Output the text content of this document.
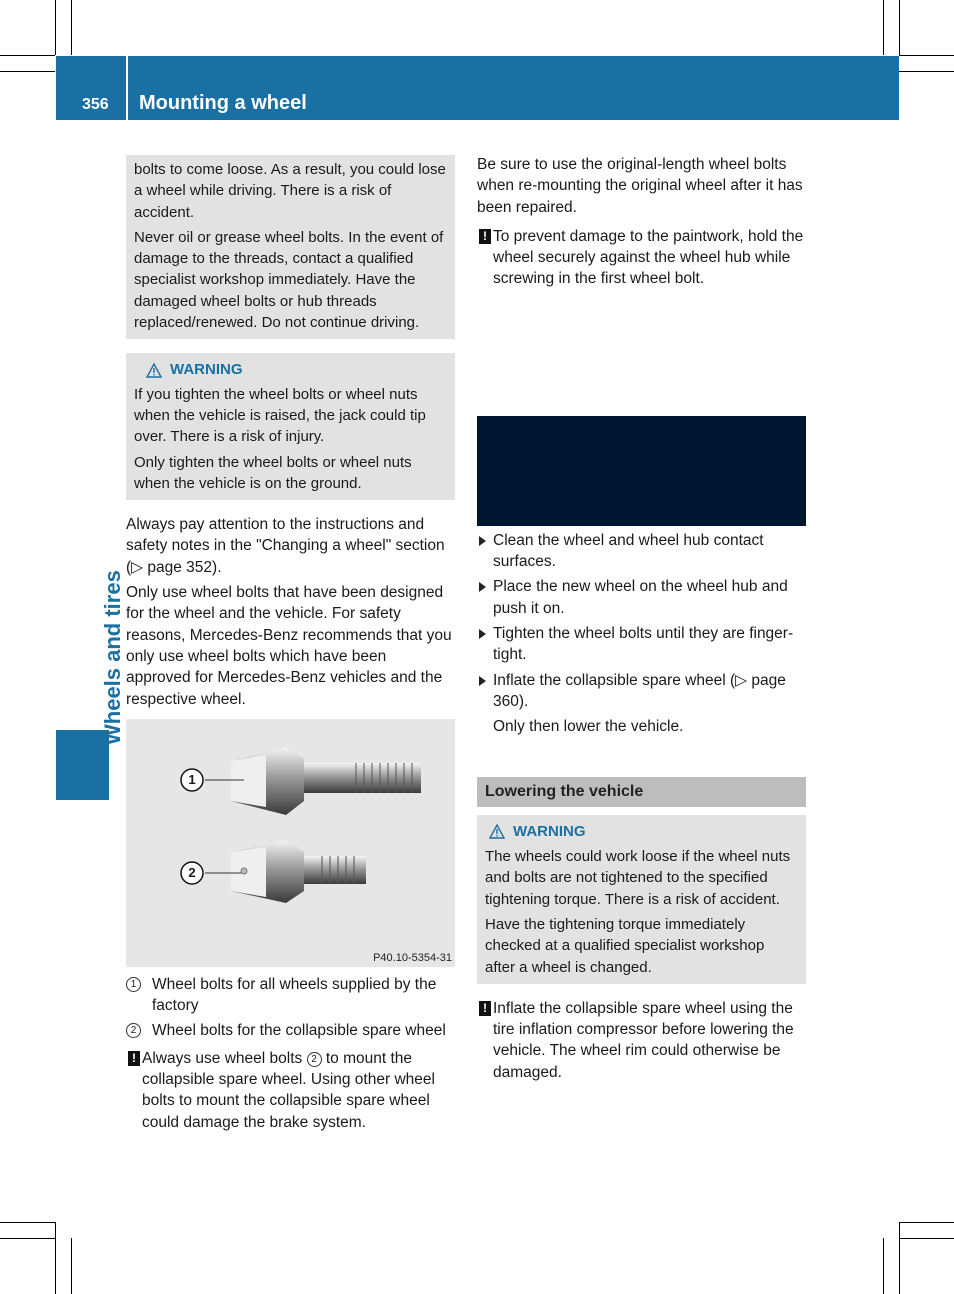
356 Mounting a wheel
Wheels and tires

bolts to come loose. As a result, you could lose a wheel while driving. There is a risk of accident.

Never oil or grease wheel bolts. In the event of damage to the threads, contact a qualified specialist workshop immediately. Have the damaged wheel bolts or hub threads replaced/renewed. Do not continue driving.

WARNING

If you tighten the wheel bolts or wheel nuts when the vehicle is raised, the jack could tip over. There is a risk of injury.

Only tighten the wheel bolts or wheel nuts when the vehicle is on the ground.

Always pay attention to the instructions and safety notes in the "Changing a wheel" section (▷ page 352).

Only use wheel bolts that have been designed for the wheel and the vehicle. For safety reasons, Mercedes-Benz recommends that you only use wheel bolts which have been approved for Mercedes-Benz vehicles and the respective wheel.

1
2
P40.10-5354-31
1	Wheel bolts for all wheels supplied by the factory
2	Wheel bolts for the collapsible spare wheel
! Always use wheel bolts 2 to mount the collapsible spare wheel. Using other wheel bolts to mount the collapsible spare wheel could damage the brake system.

Be sure to use the original-length wheel bolts when re-mounting the original wheel after it has been repaired.

! To prevent damage to the paintwork, hold the wheel securely against the wheel hub while screwing in the first wheel bolt.
Clean the wheel and wheel hub contact surfaces.
Place the new wheel on the wheel hub and push it on.
Tighten the wheel bolts until they are finger-tight.
Inflate the collapsible spare wheel (▷ page 360).

Only then lower the vehicle.

Lowering the vehicle
WARNING

The wheels could work loose if the wheel nuts and bolts are not tightened to the specified tightening torque. There is a risk of accident.

Have the tightening torque immediately checked at a qualified specialist workshop after a wheel is changed.

! Inflate the collapsible spare wheel using the tire inflation compressor before lowering the vehicle. The wheel rim could otherwise be damaged.
